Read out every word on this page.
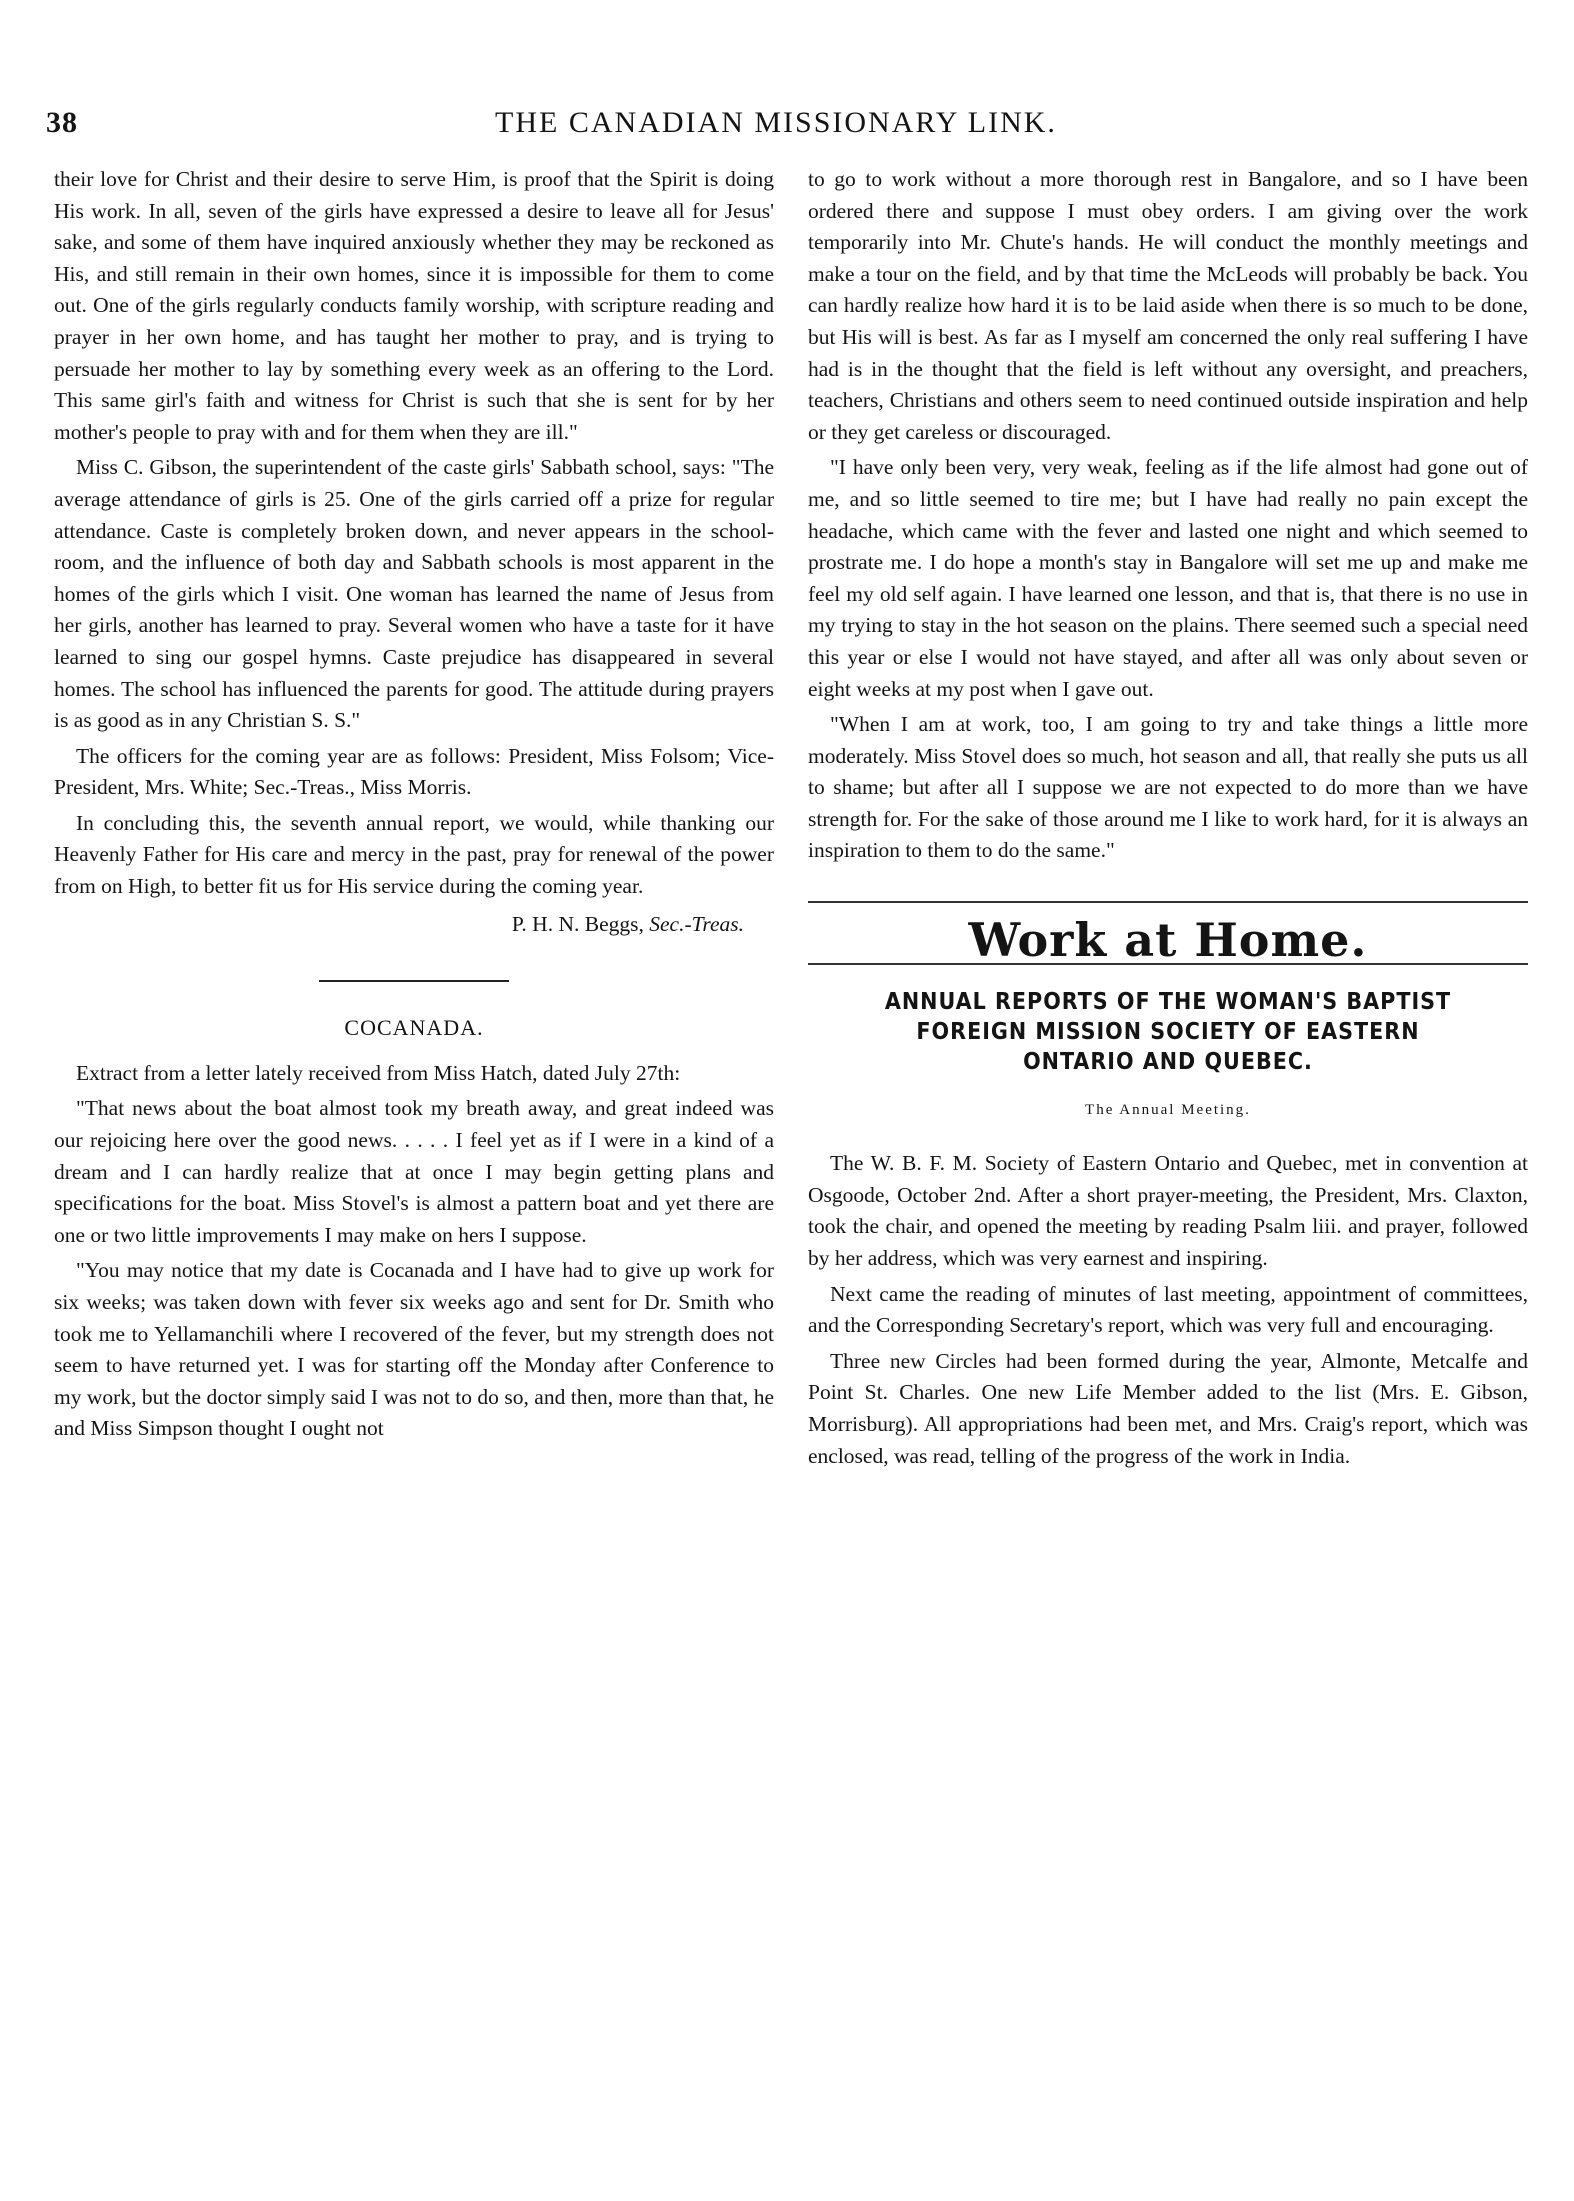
38	THE CANADIAN MISSIONARY LINK.

their love for Christ and their desire to serve Him, is proof that the Spirit is doing His work. In all, seven of the girls have expressed a desire to leave all for Jesus' sake, and some of them have inquired anxiously whether they may be reckoned as His, and still remain in their own homes, since it is impossible for them to come out. One of the girls regularly conducts family worship, with scripture reading and prayer in her own home, and has taught her mother to pray, and is trying to persuade her mother to lay by something every week as an offering to the Lord. This same girl's faith and witness for Christ is such that she is sent for by her mother's people to pray with and for them when they are ill."

Miss C. Gibson, the superintendent of the caste girls' Sabbath school, says: "The average attendance of girls is 25. One of the girls carried off a prize for regular attendance. Caste is completely broken down, and never appears in the school-room, and the influence of both day and Sabbath schools is most apparent in the homes of the girls which I visit. One woman has learned the name of Jesus from her girls, another has learned to pray. Several women who have a taste for it have learned to sing our gospel hymns. Caste prejudice has disappeared in several homes. The school has influenced the parents for good. The attitude during prayers is as good as in any Christian S. S."

The officers for the coming year are as follows: President, Miss Folsom; Vice-President, Mrs. White; Sec.-Treas., Miss Morris.

In concluding this, the seventh annual report, we would, while thanking our Heavenly Father for His care and mercy in the past, pray for renewal of the power from on High, to better fit us for His service during the coming year.

P. H. N. Beggs, Sec.-Treas.
COCANADA.

Extract from a letter lately received from Miss Hatch, dated July 27th:

"That news about the boat almost took my breath away, and great indeed was our rejoicing here over the good news. . . . . I feel yet as if I were in a kind of a dream and I can hardly realize that at once I may begin getting plans and specifications for the boat. Miss Stovel's is almost a pattern boat and yet there are one or two little improvements I may make on hers I suppose.

"You may notice that my date is Cocanada and I have had to give up work for six weeks; was taken down with fever six weeks ago and sent for Dr. Smith who took me to Yellamanchili where I recovered of the fever, but my strength does not seem to have returned yet. I was for starting off the Monday after Conference to my work, but the doctor simply said I was not to do so, and then, more than that, he and Miss Simpson thought I ought not

to go to work without a more thorough rest in Bangalore, and so I have been ordered there and suppose I must obey orders. I am giving over the work temporarily into Mr. Chute's hands. He will conduct the monthly meetings and make a tour on the field, and by that time the McLeods will probably be back. You can hardly realize how hard it is to be laid aside when there is so much to be done, but His will is best. As far as I myself am concerned the only real suffering I have had is in the thought that the field is left without any oversight, and preachers, teachers, Christians and others seem to need continued outside inspiration and help or they get careless or discouraged.

"I have only been very, very weak, feeling as if the life almost had gone out of me, and so little seemed to tire me; but I have had really no pain except the headache, which came with the fever and lasted one night and which seemed to prostrate me. I do hope a month's stay in Bangalore will set me up and make me feel my old self again. I have learned one lesson, and that is, that there is no use in my trying to stay in the hot season on the plains. There seemed such a special need this year or else I would not have stayed, and after all was only about seven or eight weeks at my post when I gave out.

"When I am at work, too, I am going to try and take things a little more moderately. Miss Stovel does so much, hot season and all, that really she puts us all to shame; but after all I suppose we are not expected to do more than we have strength for. For the sake of those around me I like to work hard, for it is always an inspiration to them to do the same."

Work at Home.
ANNUAL REPORTS OF THE WOMAN'S BAPTIST
FOREIGN MISSION SOCIETY OF EASTERN
ONTARIO AND QUEBEC.
The Annual Meeting.

The W. B. F. M. Society of Eastern Ontario and Quebec, met in convention at Osgoode, October 2nd. After a short prayer-meeting, the President, Mrs. Claxton, took the chair, and opened the meeting by reading Psalm liii. and prayer, followed by her address, which was very earnest and inspiring.

Next came the reading of minutes of last meeting, appointment of committees, and the Corresponding Secretary's report, which was very full and encouraging.

Three new Circles had been formed during the year, Almonte, Metcalfe and Point St. Charles. One new Life Member added to the list (Mrs. E. Gibson, Morrisburg). All appropriations had been met, and Mrs. Craig's report, which was enclosed, was read, telling of the progress of the work in India.
